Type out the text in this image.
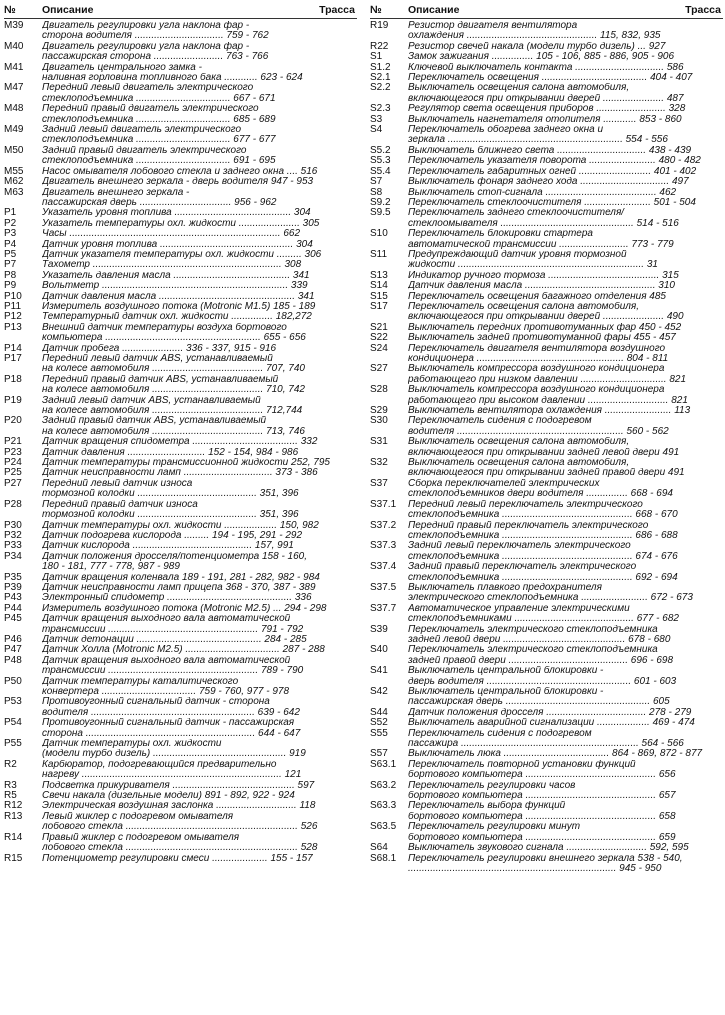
№	Описание	Трасса
M39 Двигатель регулировки угла наклона фар -
сторона водителя ................................ 759 - 762
M40 Двигатель регулировки угла наклона фар -
пассажирская сторона ......................... 763 - 766
M41 Двигатель центрального замка -
наливная горловина топливного бака ............ 623 - 624
M47 Передний левый двигатель электрического
стеклоподъемника .................................. 667 - 671
M48 Передний правый двигатель электрического
стеклоподъемника .................................. 685 - 689
M49 Задний левый двигатель электрического
стеклоподъемника .................................. 677 - 677
M50 Задний правый двигатель электрического
стеклоподъемника .................................. 691 - 695
M55 Насос омывателя лобового стекла и заднего окна .... 516
M62 Двигатель внешнего зеркала - дверь водителя 947 - 953
M63 Двигатель внешнего зеркала -
пассажирская дверь ................................. 956 - 962
P1	Указатель уровня топлива .......................................... 304
P2	Указатель температуры охл. жидкости ...................... 305
P3	Часы ............................................................................ 662
P4	Датчик уровня топлива ................................................ 304
P5	Датчик указателя температуры охл. жидкости ......... 306
P7	Тахометр .................................................................... 308
P8	Указатель давления масла .......................................... 341
P9	Вольтметр ................................................................... 339
P10 Датчик давления масла ................................................. 341
P11 Измеритель воздушного потока (Motronic M1.5) 185 - 189
P12 Температурный датчик охл. жидкости ............... 182,272
P13 Внешний датчик температуры воздуха бортового
компьютера ........................................................ 655 - 656
P14 Датчик пробега ...................... 336 - 337, 915 - 916
P17 Передний левый датчик ABS, устанавливаемый
на колесе автомобиля ........................................ 707, 740
P18 Передний правый датчик ABS, устанавливаемый
на колесе автомобиля ........................................ 710, 742
P19 Задний левый датчик ABS, устанавливаемый
на колесе автомобиля ........................................ 712,744
P20 Задний правый датчик ABS, устанавливаемый
на колесе автомобиля ........................................ 713, 746
P21 Датчик вращения спидометра ...................................... 332
P23 Датчик давления ............................ 152 - 154, 984 - 986
P24 Датчик температуры трансмиссионной жидкости 252, 795
P25 Датчик неисправности ламп ................................ 373 - 386
P27 Передний левый датчик износа
тормозной колодки ........................................... 351, 396
P28 Передний правый датчик износа
тормозной колодки ........................................... 351, 396
P30 Датчик температуры охл. жидкости ................... 150, 982
P32 Датчик подогрева кислорода ......... 194 - 195, 291 - 292
P33 Датчик кислорода ........................................... 157, 991
P34 Датчик положения дросселя/потенциометра 158 - 160,
180 - 181, 777 - 778, 987 - 989
P35 Датчик вращения коленвала 189 - 191, 281 - 282, 982 - 984
P39 Датчик неисправности ламп прицепа 368 - 370, 387 - 389
P43 Электронный спидометр ............................................. 336
P44 Измеритель воздушного потока (Motronic M2.5) ... 294 - 298
P45 Датчик вращения выходного вала автоматической
трансмиссии ...................................................... 791 - 792
P46 Датчик детонации ............................................. 284 - 285
P47 Датчик Холла (Motronic M2.5) .................................. 287 - 288
P48 Датчик вращения выходного вала автоматической
трансмиссии ...................................................... 789 - 790
P50 Датчик температуры каталитического
конвертера .................................. 759 - 760, 977 - 978
P53 Противоугонный сигнальный датчик - сторона
водителя ........................................................... 639 - 642
P54 Противоугонный сигнальный датчик - пассажирская
сторона ............................................................. 644 - 647
P55 Датчик температуры охл. жидкости
(модели турбо дизель) ................................................ 919
R2	Карбюратор, подогревающийся предварительно
нагреву ........................................................................ 121
R3	Подсветка прикуривателя ............................................ 597
R5	Свечи накала (дизельные модели) 891 - 892, 922 - 924
R12 Электрическая воздушная заслонка ............................. 118
R13 Левый жиклер с подогревом омывателя
лобового стекла .............................................................. 526
R14 Правый жиклер с подогревом омывателя
лобового стекла .............................................................. 528
R15 Потенциометр регулировки смеси .................... 155 - 157
№	Описание	Трасса
R19 Резистор двигателя вентилятора
охлаждения ............................................... 115, 832, 935
R22 Резистор свечей накала (модели турбо дизель) ... 927
S1	Замок зажигания ............... 105 - 106, 885 - 886, 905 - 906
S1.2 Ключевой выключатель контакта ................................ 586
S2.1 Переключатель освещения ...................................... 404 - 407
S2.2 Выключатель освещения салона автомобиля,
включающегося при открывании дверей ...................... 487
S2.3 Регулятор света освещения приборов ......................... 328
S3	Выключатель нагнетателя отопителя ............ 853 - 860
S4	Переключатель обогрева заднего окна и
зеркала ............................................................... 554 - 556
S5.2 Выключатель ближнего света ................................ 438 - 439
S5.3 Переключатель указателя поворота ........................ 480 - 482
S5.4 Переключатель габаритных огней .......................... 401 - 402
S7	Выключатель фонаря заднего хода ................................ 497
S8	Выключатель стоп-сигнала ........................................ 462
S9.2 Переключатель стеклоочистителя ........................ 501 - 504
S9.5 Переключатель заднего стеклоочистителя/
стеклоомывателя ................................................ 514 - 516
S10 Переключатель блокировки стартера
автоматической трансмиссии ......................... 773 - 779
S11 Предупреждающий датчик уровня тормозной
жидкости ................................................................... 31
S13 Индикатор ручного тормоза ........................................ 315
S14 Датчик давления масла ............................................... 310
S15 Переключатель освещения багажного отделения 485
S17 Переключатель освещения салона автомобиля,
включающегося при открывании дверей ...................... 490
S21 Выключатель передних противотуманных фар 450 - 452
S22 Выключатель задней противотуманной фары 455 - 457
S24 Переключатель двигателя вентилятора воздушного
кондиционера ..................................................... 804 - 811
S27 Выключатель компрессора воздушного кондиционера
работающего при низком давлении ............................... 821
S28 Выключатель компрессора воздушного кондиционера
работающего при высоком давлении ............................. 821
S29 Выключатель вентилятора охлаждения ........................ 113
S30 Переключатель сидения с подогревом
водителя ............................................................ 560 - 562
S31 Выключатель освещения салона автомобиля,
включающегося при открывании задней левой двери 491
S32 Выключатель освещения салона автомобиля,
включающегося при открывании задней правой двери 491
S37 Сборка переключателей электрических
стеклоподъемников двери водителя ............... 668 - 694
S37.1 Передний левый переключатель электрического
стеклоподъемника ............................................... 668 - 670
S37.2 Передний правый переключатель электрического
стеклоподъемника ............................................... 686 - 688
S37.3 Задний левый переключатель электрического
стеклоподъемника ............................................... 674 - 676
S37.4 Задний правый переключатель электрического
стеклоподъемника ............................................... 692 - 694
S37.5 Выключатель плавкого предохранителя
электрического стеклоподъемника ........................ 672 - 673
S37.7 Автоматическое управление электрическими
стеклоподъемниками ........................................... 677 - 682
S39 Переключатель электрического стеклоподъемника
задней левой двери ............................................ 678 - 680
S40 Переключатель электрического стеклоподъемника
задней правой двери ........................................... 696 - 698
S41 Выключатель центральной блокировки -
дверь водителя .................................................... 601 - 603
S42 Выключатель центральной блокировки -
пассажирская дверь .................................................... 605
S44 Датчик положения дросселя .................................... 278 - 279
S52 Выключатель аварийной сигнализации ................... 469 - 474
S55 Переключатель сидения с подогревом
пассажира ................................................................ 564 - 566
S57 Выключатель люка ...................................... 864 - 869, 872 - 877
S63.1 Переключатель повторной установки функций
бортового компьютера ............................................... 656
S63.2 Переключатель регулировки часов
бортового компьютера ............................................... 657
S63.3 Переключатель выбора функций
бортового компьютера ............................................... 658
S63.5 Переключатель регулировки минут
бортового компьютера ............................................... 659
S64 Выключатель звукового сигнала ............................. 592, 595
S68.1 Переключатель регулировки внешнего зеркала 538 - 540,
........................................................................... 945 - 950
